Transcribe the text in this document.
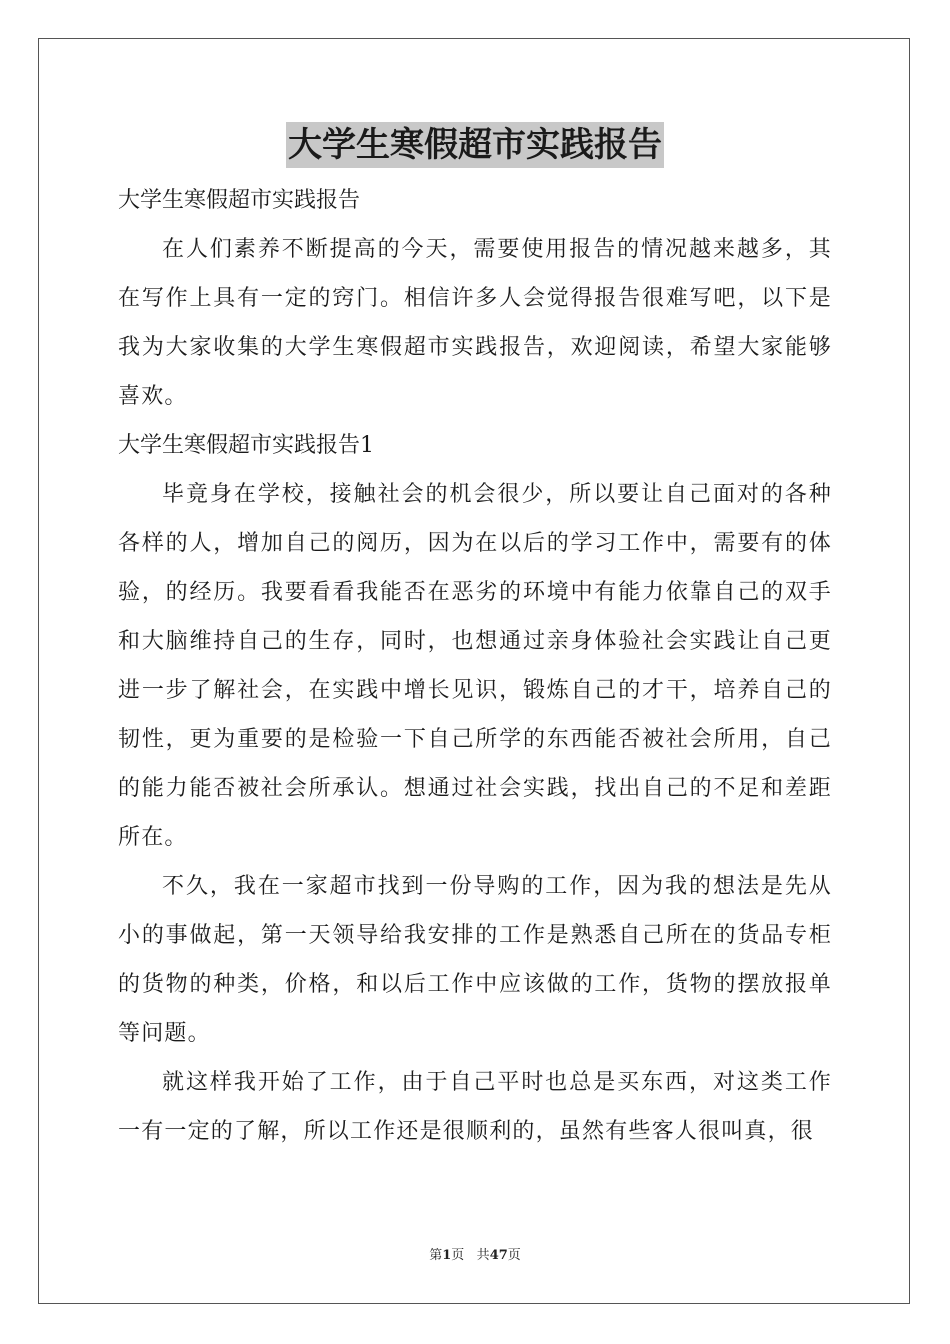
大学生寒假超市实践报告

大学生寒假超市实践报告

在人们素养不断提高的今天，需要使用报告的情况越来越多，其在写作上具有一定的窍门。相信许多人会觉得报告很难写吧，以下是我为大家收集的大学生寒假超市实践报告，欢迎阅读，希望大家能够喜欢。

大学生寒假超市实践报告1

毕竟身在学校，接触社会的机会很少，所以要让自己面对的各种各样的人，增加自己的阅历，因为在以后的学习工作中，需要有的体验，的经历。我要看看我能否在恶劣的环境中有能力依靠自己的双手和大脑维持自己的生存，同时，也想通过亲身体验社会实践让自己更进一步了解社会，在实践中增长见识，锻炼自己的才干，培养自己的韧性，更为重要的是检验一下自己所学的东西能否被社会所用，自己的能力能否被社会所承认。想通过社会实践，找出自己的不足和差距所在。

不久，我在一家超市找到一份导购的工作，因为我的想法是先从小的事做起，第一天领导给我安排的工作是熟悉自己所在的货品专柜的货物的种类，价格，和以后工作中应该做的工作，货物的摆放报单等问题。

就这样我开始了工作，由于自己平时也总是买东西，对这类工作一有一定的了解，所以工作还是很顺利的，虽然有些客人很叫真，很

第1页 共47页
